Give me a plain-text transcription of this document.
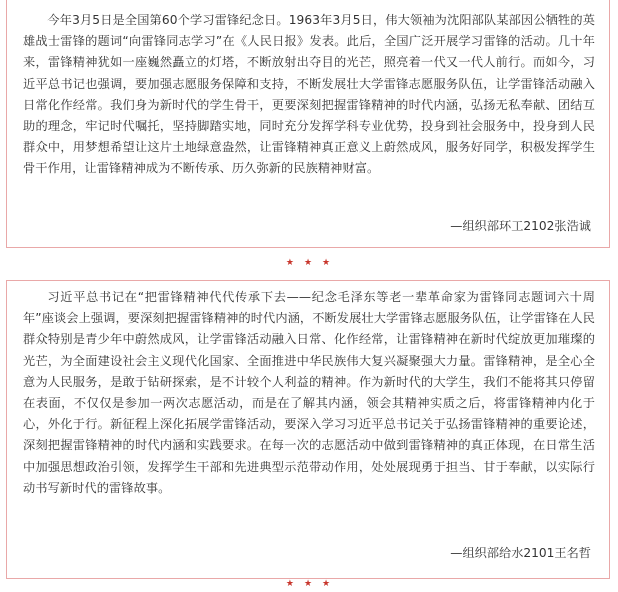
今年3月5日是全国第60个学习雷锋纪念日。1963年3月5日，伟大领袖为沈阳部队某部因公牺牲的英雄战士雷锋的题词“向雷锋同志学习”在《人民日报》发表。此后，全国广泛开展学习雷锋的活动。几十年来，雷锋精神犹如一座巍然矗立的灯塔，不断放射出夺目的光芒，照亮着一代又一代人前行。而如今，习近平总书记也强调，要加强志愿服务保障和支持，不断发展壮大学雷锋志愿服务队伍，让学雷锋活动融入日常化作经常。我们身为新时代的学生骨干，更要深刻把握雷锋精神的时代内涵，弘扬无私奉献、团结互助的理念，牢记时代嘱托，坚持脚踏实地，同时充分发挥学科专业优势，投身到社会服务中，投身到人民群众中，用梦想希望让这片土地绿意盎然，让雷锋精神真正意义上蔚然成风，服务好同学，积极发挥学生骨干作用，让雷锋精神成为不断传承、历久弥新的民族精神财富。

—组织部环工2102张浩诚
★ ★ ★

习近平总书记在“把雷锋精神代代传承下去——纪念毛泽东等老一辈革命家为雷锋同志题词六十周年”座谈会上强调，要深刻把握雷锋精神的时代内涵，不断发展壮大学雷锋志愿服务队伍，让学雷锋在人民群众特别是青少年中蔚然成风，让学雷锋活动融入日常、化作经常，让雷锋精神在新时代绽放更加璀璨的光芒，为全面建设社会主义现代化国家、全面推进中华民族伟大复兴凝聚强大力量。雷锋精神，是全心全意为人民服务，是敢于钻研探索，是不计较个人利益的精神。作为新时代的大学生，我们不能将其只停留在表面，不仅仅是参加一两次志愿活动，而是在了解其内涵，领会其精神实质之后，将雷锋精神内化于心，外化于行。新征程上深化拓展学雷锋活动，要深入学习习近平总书记关于弘扬雷锋精神的重要论述，深刻把握雷锋精神的时代内涵和实践要求。在每一次的志愿活动中做到雷锋精神的真正体现，在日常生活中加强思想政治引领，发挥学生干部和先进典型示范带动作用，处处展现勇于担当、甘于奉献，以实际行动书写新时代的雷锋故事。

—组织部给水2101王名哲
★ ★ ★
